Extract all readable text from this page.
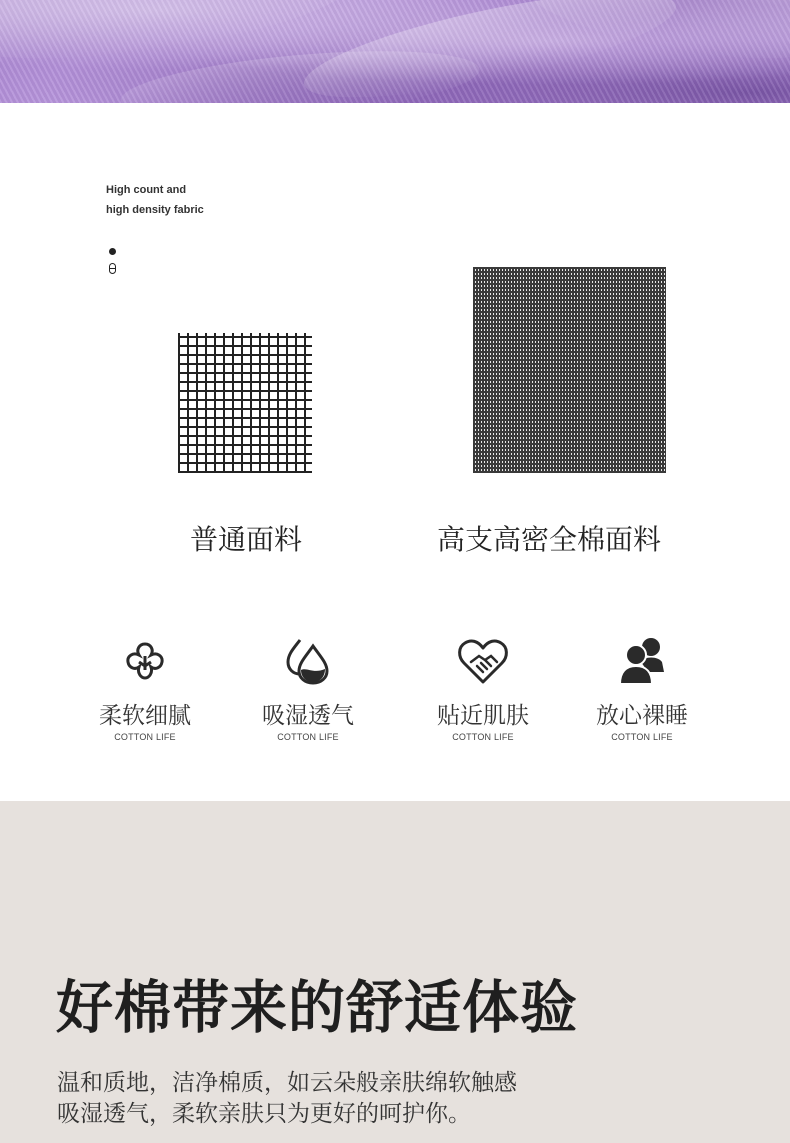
High count and
high density fabric
普通面料	高支高密全棉面料
柔软细腻
COTTON LIFE
吸湿透气
COTTON LIFE
贴近肌肤
COTTON LIFE
放心裸睡
COTTON LIFE
好棉带来的舒适体验
温和质地，洁净棉质，如云朵般亲肤绵软触感
吸湿透气，柔软亲肤只为更好的呵护你。
